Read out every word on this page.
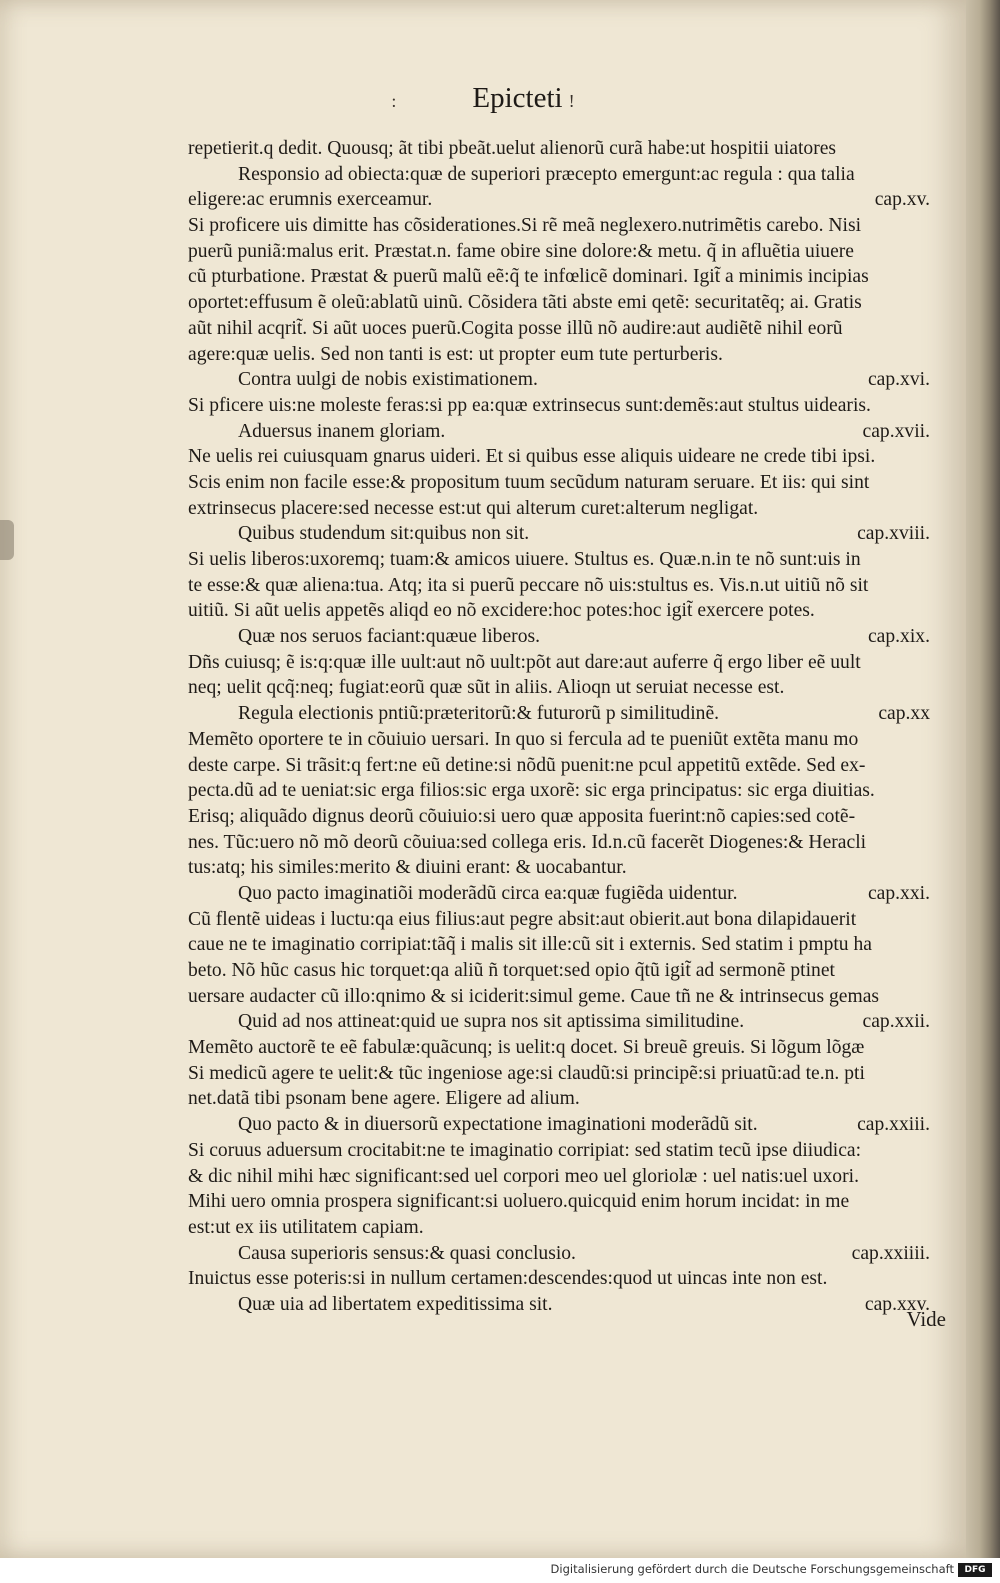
:	Epicteti !
repetierit.q dedit. Quousq; ãt tibi pbeãt.uelut alienorũ curã habe:ut hospitii uiatores
Responsio ad obiecta:quæ de superiori præcepto emergunt:ac regula : qua talia
eligere:ac erumnis exerceamur.	cap.xv.
Si proficere uis dimitte has cõsiderationes.Si rẽ meã neglexero.nutrimẽtis carebo. Nisi
puerũ puniã:malus erit. Præstat.n. fame obire sine dolore:& metu. q̃ in afluẽtia uiuere
cũ pturbatione. Præstat & puerũ malũ eẽ:q̃ te infœlicẽ dominari. Igit̃ a minimis incipias
oportet:effusum ẽ oleũ:ablatũ uinũ. Cõsidera tãti abste emi qetẽ: securitatẽq; ai. Gratis
aũt nihil acqrit̃. Si aũt uoces puerũ.Cogita posse illũ nõ audire:aut audiẽtẽ nihil eorũ
agere:quæ uelis. Sed non tanti is est: ut propter eum tute perturberis.
Contra uulgi de nobis existimationem.	cap.xvi.
Si pficere uis:ne moleste feras:si pp ea:quæ extrinsecus sunt:demẽs:aut stultus uidearis.
Aduersus inanem gloriam.	cap.xvii.
Ne uelis rei cuiusquam gnarus uideri. Et si quibus esse aliquis uideare ne crede tibi ipsi.
Scis enim non facile esse:& propositum tuum secũdum naturam seruare. Et iis: qui sint
extrinsecus placere:sed necesse est:ut qui alterum curet:alterum negligat.
Quibus studendum sit:quibus non sit.	cap.xviii.
Si uelis liberos:uxoremq; tuam:& amicos uiuere. Stultus es. Quæ.n.in te nõ sunt:uis in
te esse:& quæ aliena:tua. Atq; ita si puerũ peccare nõ uis:stultus es. Vis.n.ut uitiũ nõ sit
uitiũ. Si aũt uelis appetẽs aliqd eo nõ excidere:hoc potes:hoc igit̃ exercere potes.
Quæ nos seruos faciant:quæue liberos.	cap.xix.
Dñs cuiusq; ẽ is:q:quæ ille uult:aut nõ uult:põt aut dare:aut auferre q̃ ergo liber eẽ uult
neq; uelit qcq̃:neq; fugiat:eorũ quæ sũt in aliis. Alioqn ut seruiat necesse est.
Regula electionis pntiũ:præteritorũ:& futurorũ p similitudinẽ.	cap.xx
Memẽto oportere te in cõuiuio uersari. In quo si fercula ad te pueniũt extẽta manu mo
deste carpe. Si trãsit:q fert:ne eũ detine:si nõdũ puenit:ne pcul appetitũ extẽde. Sed ex-
pecta.dũ ad te ueniat:sic erga filios:sic erga uxorẽ: sic erga principatus: sic erga diuitias.
Erisq; aliquãdo dignus deorũ cõuiuio:si uero quæ apposita fuerint:nõ capies:sed cotẽ-
nes. Tũc:uero nõ mõ deorũ cõuiua:sed collega eris. Id.n.cũ facerẽt Diogenes:& Heracli
tus:atq; his similes:merito & diuini erant: & uocabantur.
Quo pacto imaginatiõi moderãdũ circa ea:quæ fugiẽda uidentur.	cap.xxi.
Cũ flentẽ uideas i luctu:qa eius filius:aut pegre absit:aut obierit.aut bona dilapidauerit
caue ne te imaginatio corripiat:tãq̃ i malis sit ille:cũ sit i externis. Sed statim i pmptu ha
beto. Nõ hũc casus hic torquet:qa aliũ ñ torquet:sed opio q̃tũ igit̃ ad sermonẽ ptinet
uersare audacter cũ illo:qnimo & si iciderit:simul geme. Caue tñ ne & intrinsecus gemas
Quid ad nos attineat:quid ue supra nos sit aptissima similitudine.	cap.xxii.
Memẽto auctorẽ te eẽ fabulæ:quãcunq; is uelit:q docet. Si breuẽ greuis. Si lõgum lõgæ
Si medicũ agere te uelit:& tũc ingeniose age:si claudũ:si principẽ:si priuatũ:ad te.n. pti
net.datã tibi psonam bene agere. Eligere ad alium.
Quo pacto & in diuersorũ expectatione imaginationi moderãdũ sit.	cap.xxiii.
Si coruus aduersum crocitabit:ne te imaginatio corripiat: sed statim tecũ ipse diiudica:
& dic nihil mihi hæc significant:sed uel corpori meo uel gloriolæ : uel natis:uel uxori.
Mihi uero omnia prospera significant:si uoluero.quicquid enim horum incidat: in me
est:ut ex iis utilitatem capiam.
Causa superioris sensus:& quasi conclusio.	cap.xxiiii.
Inuictus esse poteris:si in nullum certamen:descendes:quod ut uincas inte non est.
Quæ uia ad libertatem expeditissima sit.	cap.xxv.
Vide
Digitalisierung gefördert durch die Deutsche Forschungsgemeinschaft	DFG
